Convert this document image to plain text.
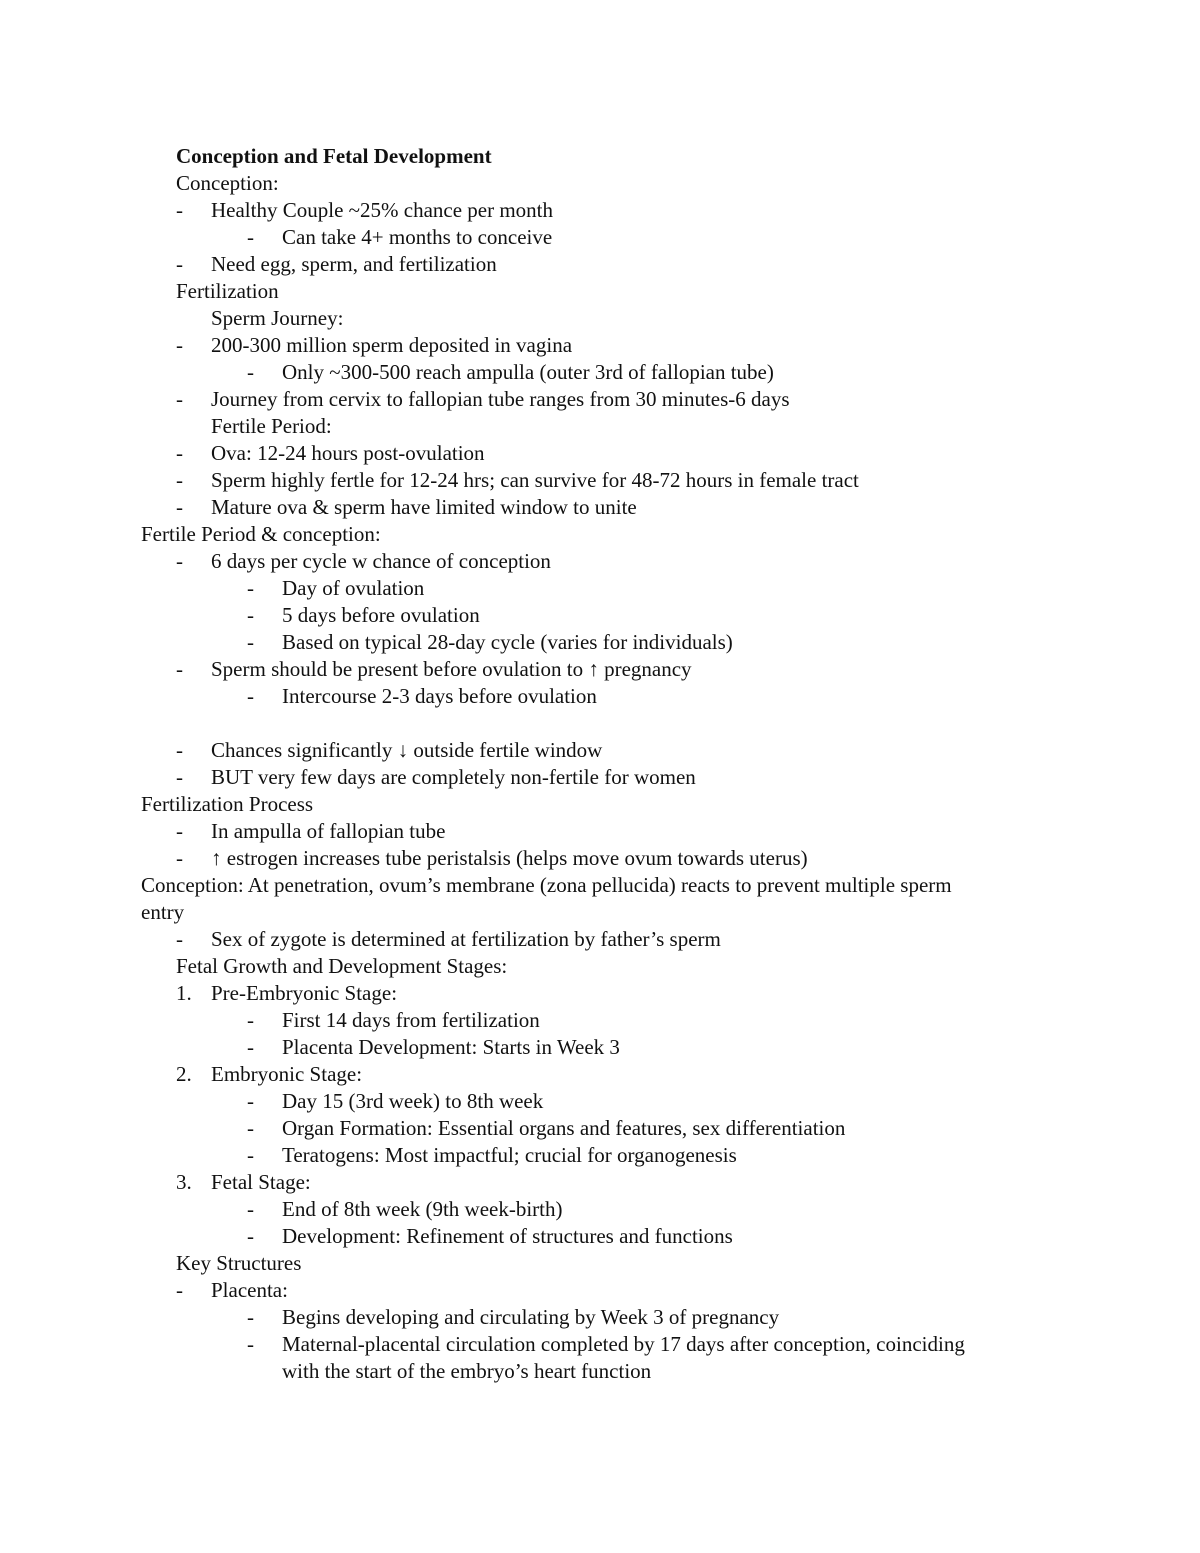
Conception and Fetal Development
Conception:
- Healthy Couple ~25% chance per month
- Can take 4+ months to conceive
- Need egg, sperm, and fertilization
Fertilization
Sperm Journey:
- 200-300 million sperm deposited in vagina
- Only ~300-500 reach ampulla (outer 3rd of fallopian tube)
- Journey from cervix to fallopian tube ranges from 30 minutes-6 days
Fertile Period:
- Ova: 12-24 hours post-ovulation
- Sperm highly fertle for 12-24 hrs; can survive for 48-72 hours in female tract
- Mature ova & sperm have limited window to unite
Fertile Period & conception:
- 6 days per cycle w chance of conception
- Day of ovulation
- 5 days before ovulation
- Based on typical 28-day cycle (varies for individuals)
- Sperm should be present before ovulation to ↑ pregnancy
- Intercourse 2-3 days before ovulation
- Chances significantly ↓ outside fertile window
- BUT very few days are completely non-fertile for women
Fertilization Process
- In ampulla of fallopian tube
- ↑ estrogen increases tube peristalsis (helps move ovum towards uterus)
Conception: At penetration, ovum’s membrane (zona pellucida) reacts to prevent multiple sperm
entry
- Sex of zygote is determined at fertilization by father’s sperm
Fetal Growth and Development Stages:
1. Pre-Embryonic Stage:
- First 14 days from fertilization
- Placenta Development: Starts in Week 3
2. Embryonic Stage:
- Day 15 (3rd week) to 8th week
- Organ Formation: Essential organs and features, sex differentiation
- Teratogens: Most impactful; crucial for organogenesis
3. Fetal Stage:
- End of 8th week (9th week-birth)
- Development: Refinement of structures and functions
Key Structures
- Placenta:
- Begins developing and circulating by Week 3 of pregnancy
- Maternal-placental circulation completed by 17 days after conception, coinciding
with the start of the embryo’s heart function
